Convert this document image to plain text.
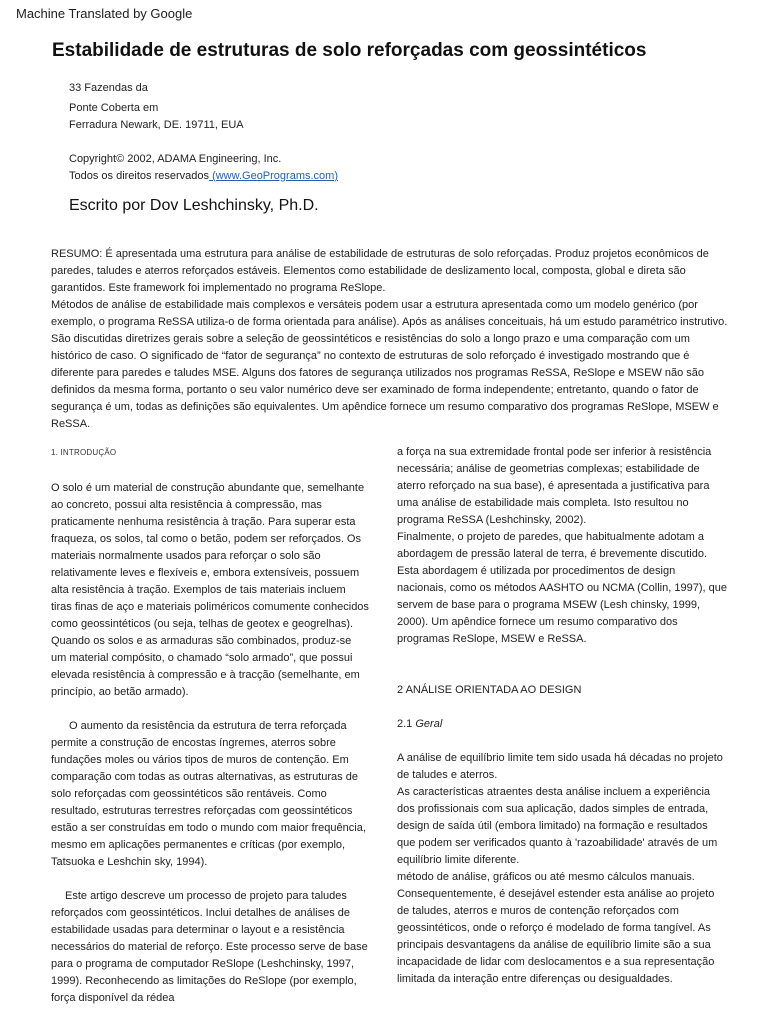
Machine Translated by Google
Estabilidade de estruturas de solo reforçadas com geossintéticos
33 Fazendas da
Ponte Coberta em
Ferradura Newark, DE. 19711, EUA
Copyright© 2002, ADAMA Engineering, Inc.
Todos os direitos reservados (www.GeoPrograms.com)
Escrito por Dov Leshchinsky, Ph.D.

RESUMO: É apresentada uma estrutura para análise de estabilidade de estruturas de solo reforçadas. Produz projetos econômicos de paredes, taludes e aterros reforçados estáveis. Elementos como estabilidade de deslizamento local, composta, global e direta são garantidos. Este framework foi implementado no programa ReSlope.

Métodos de análise de estabilidade mais complexos e versáteis podem usar a estrutura apresentada como um modelo genérico (por exemplo, o programa ReSSA utiliza-o de forma orientada para análise). Após as análises conceituais, há um estudo paramétrico instrutivo. São discutidas diretrizes gerais sobre a seleção de geossintéticos e resistências do solo a longo prazo e uma comparação com um histórico de caso. O significado de “fator de segurança” no contexto de estruturas de solo reforçado é investigado mostrando que é diferente para paredes e taludes MSE. Alguns dos fatores de segurança utilizados nos programas ReSSA, ReSlope e MSEW não são definidos da mesma forma, portanto o seu valor numérico deve ser examinado de forma independente; entretanto, quando o fator de segurança é um, todas as definições são equivalentes. Um apêndice fornece um resumo comparativo dos programas ReSlope, MSEW e ReSSA.

1. INTRODUÇÃO

O solo é um material de construção abundante que, semelhante ao concreto, possui alta resistência à compressão, mas praticamente nenhuma resistência à tração. Para superar esta fraqueza, os solos, tal como o betão, podem ser reforçados. Os materiais normalmente usados para reforçar o solo são relativamente leves e flexíveis e, embora extensíveis, possuem alta resistência à tração. Exemplos de tais materiais incluem tiras finas de aço e materiais poliméricos comumente conhecidos como geossintéticos (ou seja, telhas de geotex e geogrelhas). Quando os solos e as armaduras são combinados, produz-se um material compósito, o chamado “solo armado”, que possui elevada resistência à compressão e à tracção (semelhante, em princípio, ao betão armado).

O aumento da resistência da estrutura de terra reforçada permite a construção de encostas íngremes, aterros sobre fundações moles ou vários tipos de muros de contenção. Em comparação com todas as outras alternativas, as estruturas de solo reforçadas com geossintéticos são rentáveis. Como resultado, estruturas terrestres reforçadas com geossintéticos estão a ser construídas em todo o mundo com maior frequência, mesmo em aplicações permanentes e críticas (por exemplo, Tatsuoka e Leshchin sky, 1994).

Este artigo descreve um processo de projeto para taludes reforçados com geossintéticos. Inclui detalhes de análises de estabilidade usadas para determinar o layout e a resistência necessários do material de reforço. Este processo serve de base para o programa de computador ReSlope (Leshchinsky, 1997, 1999). Reconhecendo as limitações do ReSlope (por exemplo, força disponível da rédea

a força na sua extremidade frontal pode ser inferior à resistência necessária; análise de geometrias complexas; estabilidade de aterro reforçado na sua base), é apresentada a justificativa para uma análise de estabilidade mais completa. Isto resultou no programa ReSSA (Leshchinsky, 2002).

Finalmente, o projeto de paredes, que habitualmente adotam a abordagem de pressão lateral de terra, é brevemente discutido. Esta abordagem é utilizada por procedimentos de design nacionais, como os métodos AASHTO ou NCMA (Collin, 1997), que servem de base para o programa MSEW (Lesh chinsky, 1999, 2000). Um apêndice fornece um resumo comparativo dos programas ReSlope, MSEW e ReSSA.

2 ANÁLISE ORIENTADA AO DESIGN
2.1 Geral

A análise de equilíbrio limite tem sido usada há décadas no projeto de taludes e aterros.

As características atraentes desta análise incluem a experiência dos profissionais com sua aplicação, dados simples de entrada, design de saída útil (embora limitado) na formação e resultados que podem ser verificados quanto à 'razoabilidade' através de um equilíbrio limite diferente.

método de análise, gráficos ou até mesmo cálculos manuais. Consequentemente, é desejável estender esta análise ao projeto de taludes, aterros e muros de contenção reforçados com geossintéticos, onde o reforço é modelado de forma tangível. As principais desvantagens da análise de equilíbrio limite são a sua incapacidade de lidar com deslocamentos e a sua representação limitada da interação entre diferenças ou desigualdades.
